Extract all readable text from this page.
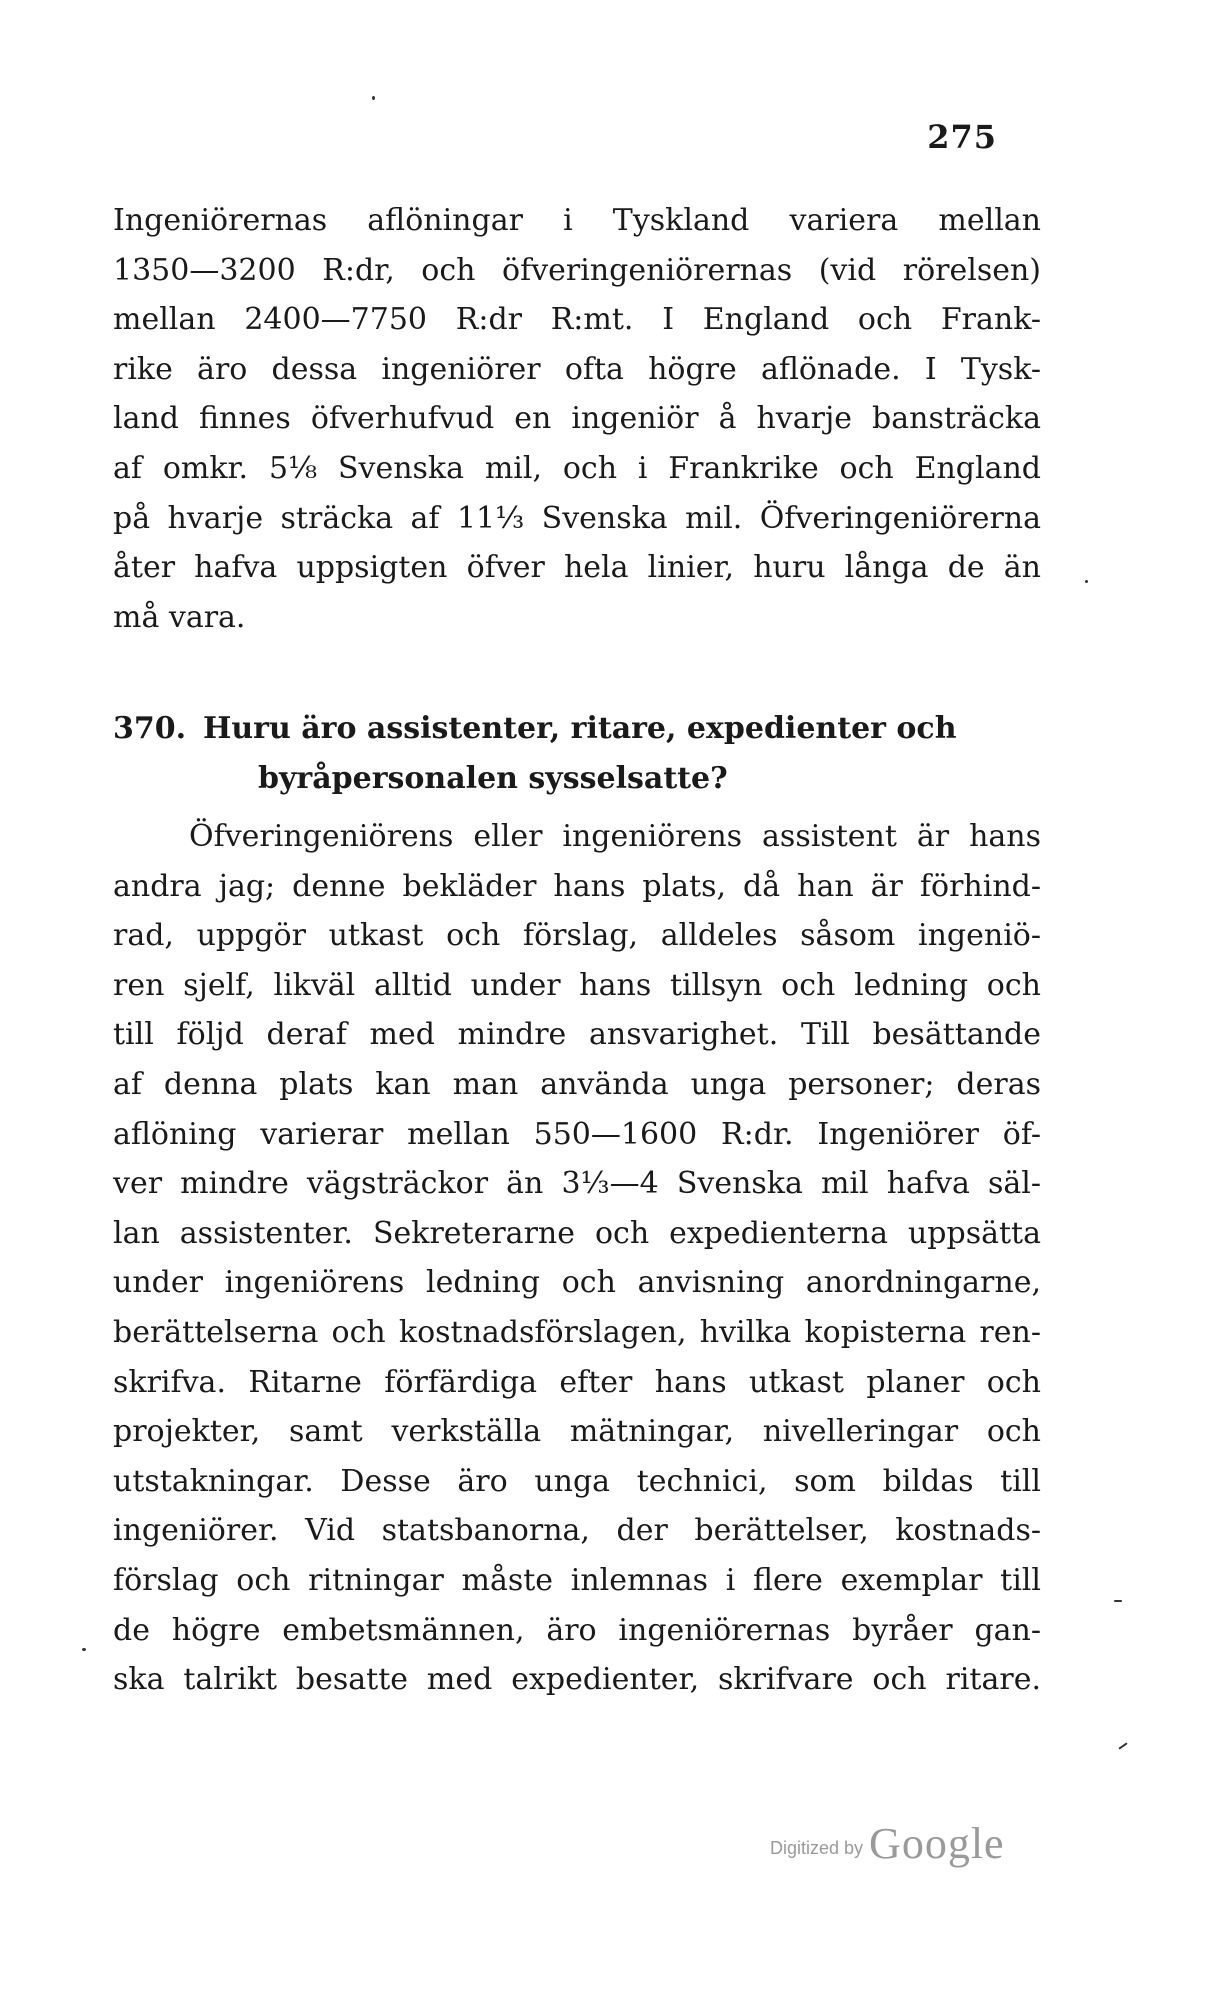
275
Ingeniörernas aflöningar i Tyskland variera mellan
1350—3200 R:dr, och öfveringeniörernas (vid rörelsen)
mellan 2400—7750 R:dr R:mt. I England och Frank-
rike äro dessa ingeniörer ofta högre aflönade. I Tysk-
land finnes öfverhufvud en ingeniör å hvarje bansträcka
af omkr. 5⅛ Svenska mil, och i Frankrike och England
på hvarje sträcka af 11⅓ Svenska mil. Öfveringeniörerna
åter hafva uppsigten öfver hela linier, huru långa de än
må vara.
370. Huru äro assistenter, ritare, expedienter och
byråpersonalen sysselsatte?
Öfveringeniörens eller ingeniörens assistent är hans
andra jag; denne bekläder hans plats, då han är förhind-
rad, uppgör utkast och förslag, alldeles såsom ingeniö-
ren sjelf, likväl alltid under hans tillsyn och ledning och
till följd deraf med mindre ansvarighet. Till besättande
af denna plats kan man använda unga personer; deras
aflöning varierar mellan 550—1600 R:dr. Ingeniörer öf-
ver mindre vägsträckor än 3⅓—4 Svenska mil hafva säl-
lan assistenter. Sekreterarne och expedienterna uppsätta
under ingeniörens ledning och anvisning anordningarne,
berättelserna och kostnadsförslagen, hvilka kopisterna ren-
skrifva. Ritarne förfärdiga efter hans utkast planer och
projekter, samt verkställa mätningar, nivelleringar och
utstakningar. Desse äro unga technici, som bildas till
ingeniörer. Vid statsbanorna, der berättelser, kostnads-
förslag och ritningar måste inlemnas i flere exemplar till
de högre embetsmännen, äro ingeniörernas byråer gan-
ska talrikt besatte med expedienter, skrifvare och ritare.
Digitized by Google
